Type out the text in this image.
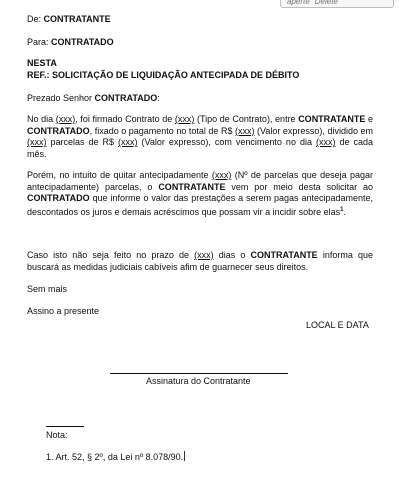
aperte "Delete"
De: CONTRATANTE
Para: CONTRATADO
NESTA
REF.: SOLICITAÇÃO DE LIQUIDAÇÃO ANTECIPADA DE DÉBITO
Prezado Senhor CONTRATADO:
No dia (xxx), foi firmado Contrato de (xxx) (Tipo de Contrato), entre CONTRATANTE e CONTRATADO, fixado o pagamento no total de R$ (xxx) (Valor expresso), dividido em (xxx) parcelas de R$ (xxx) (Valor expresso), com vencimento no dia (xxx) de cada mês.
Porém, no intuito de quitar antecipadamente (xxx) (Nº de parcelas que deseja pagar antecipadamente) parcelas, o CONTRATANTE vem por meio desta solicitar ao CONTRATADO que informe o valor das prestações a serem pagas antecipadamente, descontados os juros e demais acréscimos que possam vir a incidir sobre elas$^1$.
Caso isto não seja feito no prazo de (xxx) dias o CONTRATANTE informa que buscará as medidas judiciais cabíveis afim de guarnecer seus direitos.
Sem mais
Assino a presente
LOCAL E DATA
Assinatura do Contratante
Nota:
1. Art. 52, § 2º, da Lei nº 8.078/90.
